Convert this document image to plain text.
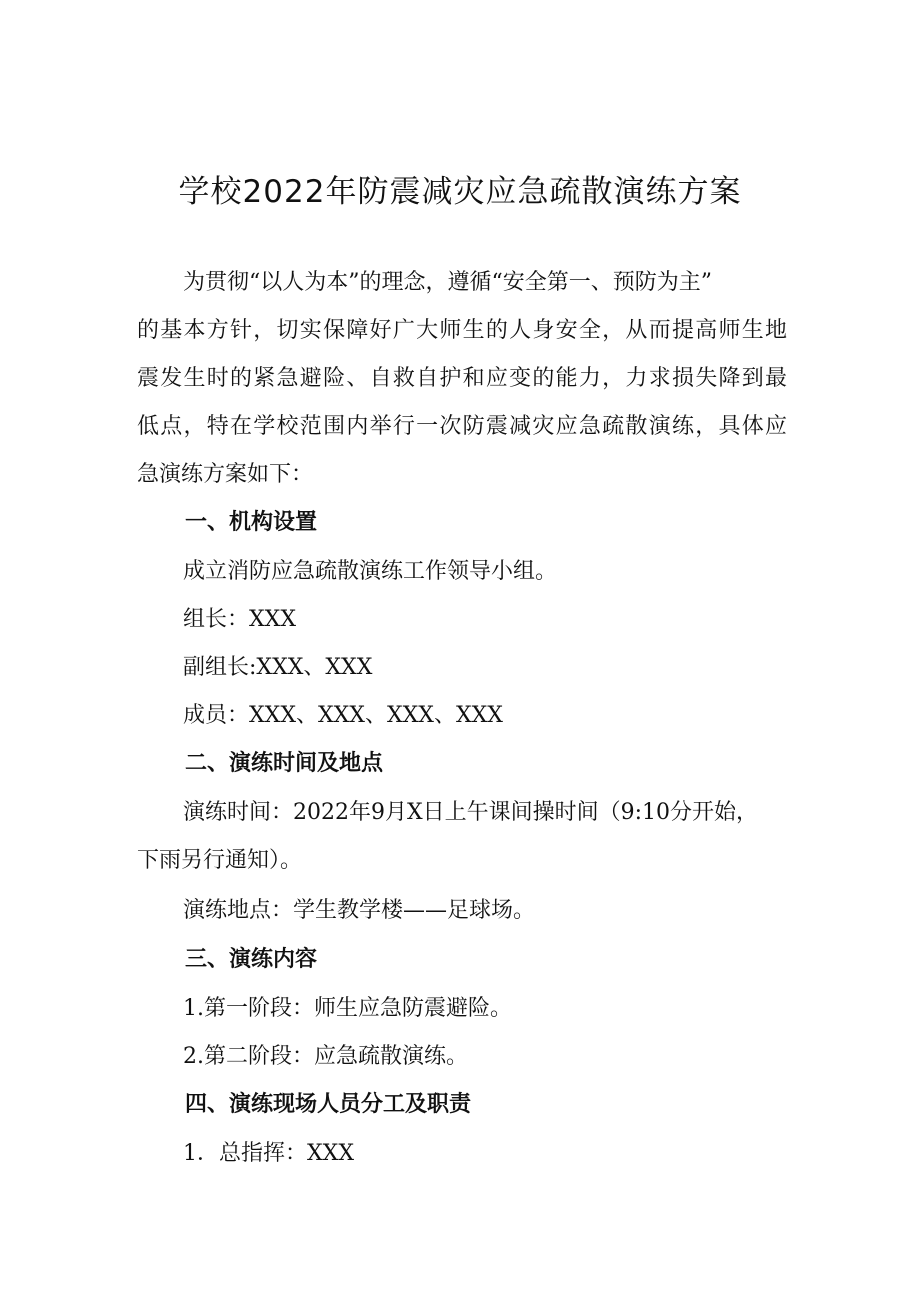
学校2022年防震减灾应急疏散演练方案
为贯彻“以人为本”的理念，遵循“安全第一、预防为主”
的基本方针，切实保障好广大师生的人身安全，从而提高师生地
震发生时的紧急避险、自救自护和应变的能力，力求损失降到最
低点，特在学校范围内举行一次防震减灾应急疏散演练，具体应
急演练方案如下：
一、机构设置
成立消防应急疏散演练工作领导小组。
组长：XXX
副组长:XXX、XXX
成员：XXX、XXX、XXX、XXX
二、演练时间及地点
演练时间：2022年9月X日上午课间操时间（9:10分开始，
下雨另行通知）。
演练地点：学生教学楼——足球场。
三、演练内容
1.第一阶段：师生应急防震避险。
2.第二阶段：应急疏散演练。
四、演练现场人员分工及职责
1．总指挥：XXX
